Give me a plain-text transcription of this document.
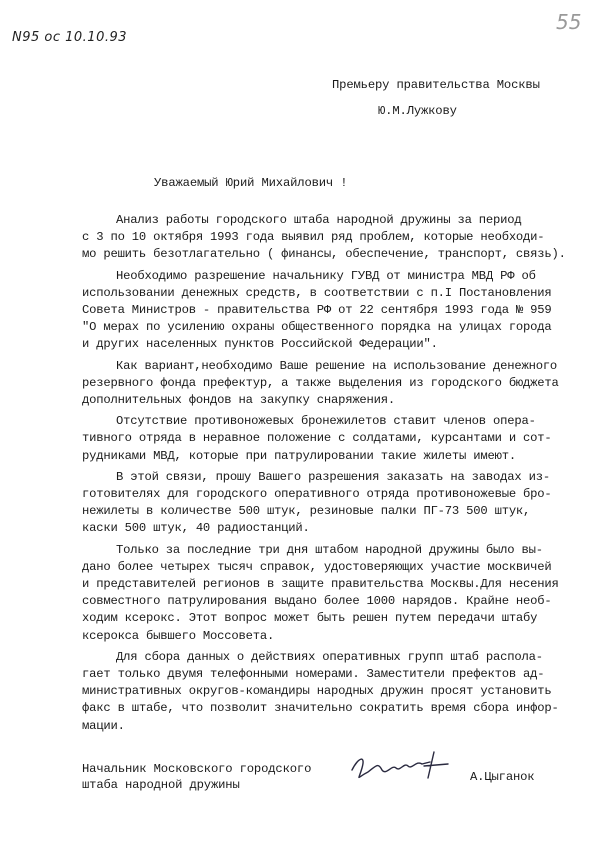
N95 oc 10.10.93
55
Премьеру правительства Москвы
Ю.М.Лужкову
Уважаемый Юрий Михайлович !
Анализ работы городского штаба народной дружины за период
с 3 по 10 октября 1993 года выявил ряд проблем, которые необходи-
мо решить безотлагательно ( финансы, обеспечение, транспорт, связь).
Необходимо разрешение начальнику ГУВД от министра МВД РФ об
использовании денежных средств, в соответствии с п.I Постановления
Совета Министров - правительства РФ от 22 сентября 1993 года № 959
"О мерах по усилению охраны общественного порядка на улицах города
и других населенных пунктов Российской Федерации".
Как вариант,необходимо Ваше решение на использование денежного
резервного фонда префектур, а также выделения из городского бюджета
дополнительных фондов на закупку снаряжения.
Отсутствие противоножевых бронежилетов ставит членов опера-
тивного отряда в неравное положение с солдатами, курсантами и сот-
рудниками МВД, которые при патрулировании такие жилеты имеют.
В этой связи, прошу Вашего разрешения заказать на заводах из-
готовителях для городского оперативного отряда противоножевые бро-
нежилеты в количестве 500 штук, резиновые палки ПГ-73 500 штук,
каски 500 штук, 40 радиостанций.
Только за последние три дня штабом народной дружины было вы-
дано более четырех тысяч справок, удостоверяющих участие москвичей
и представителей регионов в защите правительства Москвы.Для несения
совместного патрулирования выдано более 1000 нарядов. Крайне необ-
ходим ксерокс. Этот вопрос может быть решен путем передачи штабу
ксерокса бывшего Моссовета.
Для сбора данных о действиях оперативных групп штаб распола-
гает только двумя телефонными номерами. Заместители префектов ад-
министративных округов-командиры народных дружин просят установить
факс в штабе, что позволит значительно сократить время сбора инфор-
мации.
Начальник Московского городского
штаба народной дружины
А.Цыганок
